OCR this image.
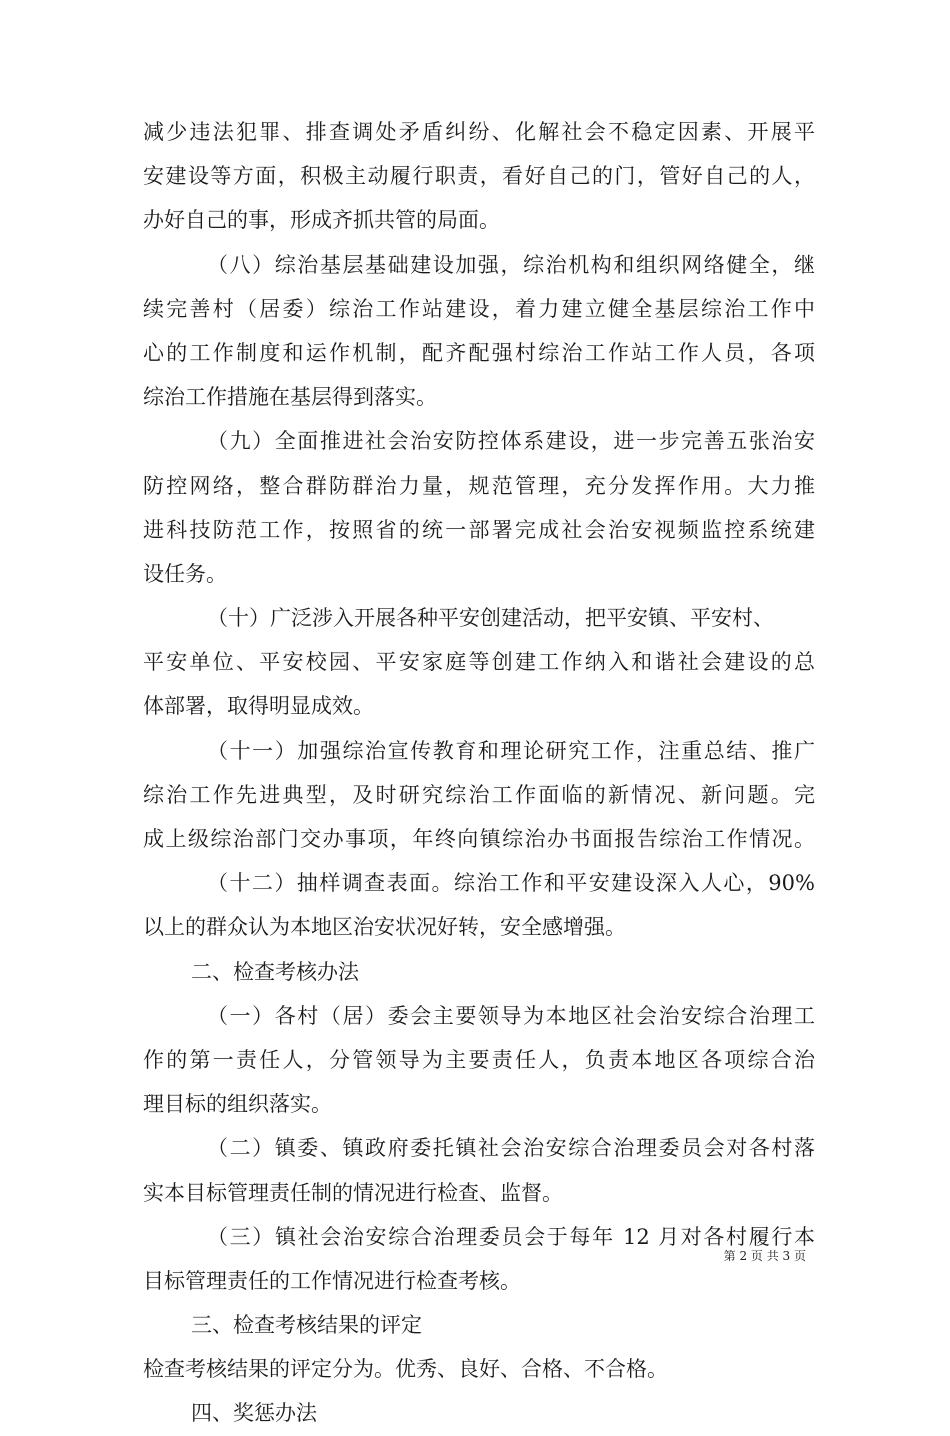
减少违法犯罪、排查调处矛盾纠纷、化解社会不稳定因素、开展平
安建设等方面，积极主动履行职责，看好自己的门，管好自己的人，
办好自己的事，形成齐抓共管的局面。
（八）综治基层基础建设加强，综治机构和组织网络健全，继
续完善村（居委）综治工作站建设，着力建立健全基层综治工作中
心的工作制度和运作机制，配齐配强村综治工作站工作人员，各项
综治工作措施在基层得到落实。
（九）全面推进社会治安防控体系建设，进一步完善五张治安
防控网络，整合群防群治力量，规范管理，充分发挥作用。大力推
进科技防范工作，按照省的统一部署完成社会治安视频监控系统建
设任务。
（十）广泛涉入开展各种平安创建活动，把平安镇、平安村、
平安单位、平安校园、平安家庭等创建工作纳入和谐社会建设的总
体部署，取得明显成效。
（十一）加强综治宣传教育和理论研究工作，注重总结、推广
综治工作先进典型，及时研究综治工作面临的新情况、新问题。完
成上级综治部门交办事项，年终向镇综治办书面报告综治工作情况。
（十二）抽样调查表面。综治工作和平安建设深入人心，90%
以上的群众认为本地区治安状况好转，安全感增强。
二、检查考核办法
（一）各村（居）委会主要领导为本地区社会治安综合治理工
作的第一责任人，分管领导为主要责任人，负责本地区各项综合治
理目标的组织落实。
（二）镇委、镇政府委托镇社会治安综合治理委员会对各村落
实本目标管理责任制的情况进行检查、监督。
（三）镇社会治安综合治理委员会于每年 12 月对各村履行本
目标管理责任的工作情况进行检查考核。
三、检查考核结果的评定
检查考核结果的评定分为。优秀、良好、合格、不合格。
四、奖惩办法
第 2 页 共 3 页
